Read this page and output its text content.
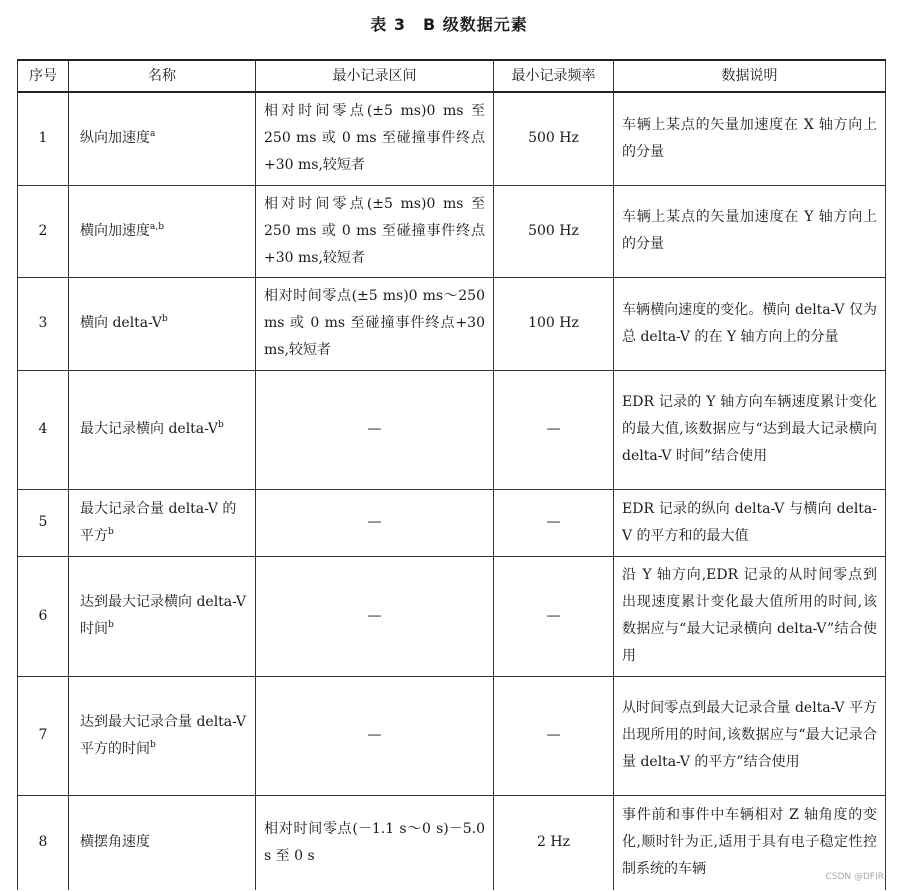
表 3　B 级数据元素
序号	名称	最小记录区间	最小记录频率	数据说明
1	纵向加速度$^a$	相对时间零点(±5 ms)0 ms 至 250 ms 或 0 ms 至碰撞事件终点+30 ms,较短者	500 Hz	车辆上某点的矢量加速度在 X 轴方向上的分量
2	横向加速度$^{a,b}$	相对时间零点(±5 ms)0 ms 至 250 ms 或 0 ms 至碰撞事件终点+30 ms,较短者	500 Hz	车辆上某点的矢量加速度在 Y 轴方向上的分量
3	横向 delta-$V^b$	相对时间零点(±5 ms)0 ms～250 ms 或 0 ms 至碰撞事件终点+30 ms,较短者	100 Hz	车辆横向速度的变化。横向 delta-V 仅为总 delta-V 的在 Y 轴方向上的分量
4	最大记录横向 delta-$V^b$	—	—	EDR 记录的 Y 轴方向车辆速度累计变化的最大值,该数据应与“达到最大记录横向 delta-V 时间”结合使用
5	最大记录合量 delta-V 的平方$^b$	—	—	EDR 记录的纵向 delta-V 与横向 delta-V 的平方和的最大值
6	达到最大记录横向 delta-V 时间$^b$	—	—	沿 Y 轴方向,EDR 记录的从时间零点到出现速度累计变化最大值所用的时间,该数据应与“最大记录横向 delta-V”结合使用
7	达到最大记录合量 delta-V 平方的时间$^b$	—	—	从时间零点到最大记录合量 delta-V 平方出现所用的时间,该数据应与“最大记录合量 delta-V 的平方”结合使用
8	横摆角速度	相对时间零点(－1.1 s～0 s)－5.0 s 至 0 s	2 Hz	事件前和事件中车辆相对 Z 轴角度的变化,顺时针为正,适用于具有电子稳定性控制系统的车辆	CSDN @DFIR
